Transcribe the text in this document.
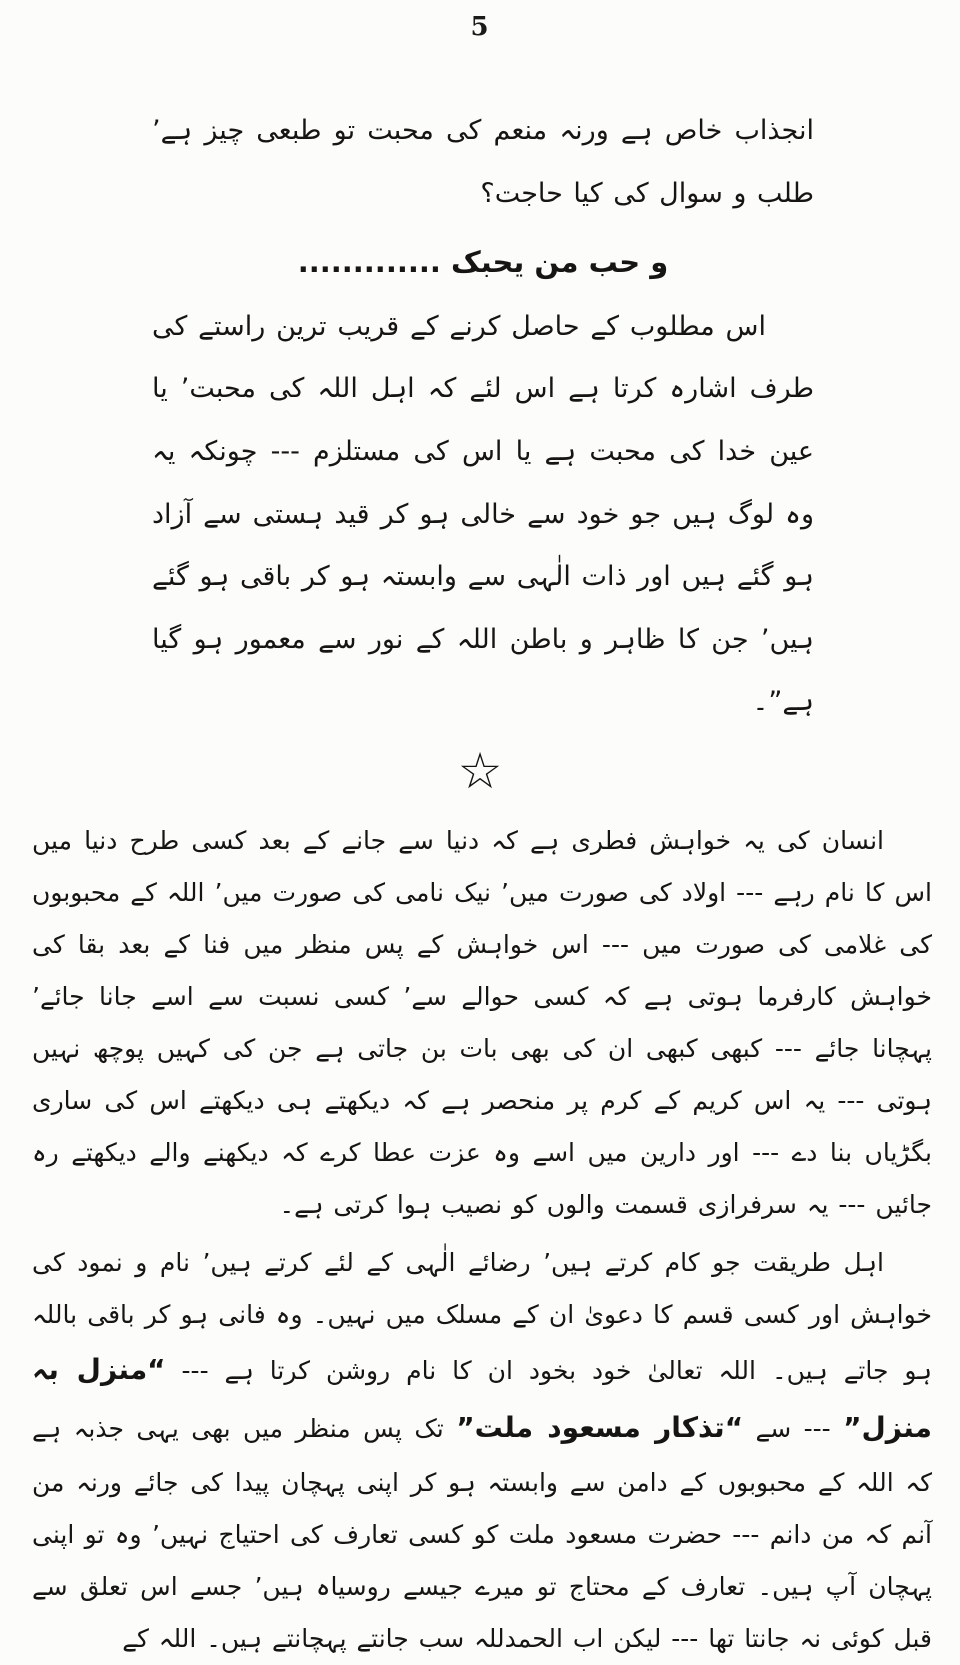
5

انجذاب خاص ہے ورنہ منعم کی محبت تو طبعی چیز ہے’ طلب و سوال کی کیا حاجت؟

و حب من یحبک .............

اس مطلوب کے حاصل کرنے کے قریب ترین راستے کی طرف اشارہ کرتا ہے اس لئے کہ اہل اللہ کی محبت’ یا عین خدا کی محبت ہے یا اس کی مستلزم --- چونکہ یہ وہ لوگ ہیں جو خود سے خالی ہو کر قید ہستی سے آزاد ہو گئے ہیں اور ذات الٰہی سے وابستہ ہو کر باقی ہو گئے ہیں’ جن کا ظاہر و باطن اللہ کے نور سے معمور ہو گیا ہے”۔

☆

انسان کی یہ خواہش فطری ہے کہ دنیا سے جانے کے بعد کسی طرح دنیا میں اس کا نام رہے --- اولاد کی صورت میں’ نیک نامی کی صورت میں’ اللہ کے محبوبوں کی غلامی کی صورت میں --- اس خواہش کے پس منظر میں فنا کے بعد بقا کی خواہش کارفرما ہوتی ہے کہ کسی حوالے سے’ کسی نسبت سے اسے جانا جائے’ پہچانا جائے --- کبھی کبھی ان کی بھی بات بن جاتی ہے جن کی کہیں پوچھ نہیں ہوتی --- یہ اس کریم کے کرم پر منحصر ہے کہ دیکھتے ہی دیکھتے اس کی ساری بگڑیاں بنا دے --- اور دارین میں اسے وہ عزت عطا کرے کہ دیکھنے والے دیکھتے رہ جائیں --- یہ سرفرازی قسمت والوں کو نصیب ہوا کرتی ہے۔

اہل طریقت جو کام کرتے ہیں’ رضائے الٰہی کے لئے کرتے ہیں’ نام و نمود کی خواہش اور کسی قسم کا دعویٰ ان کے مسلک میں نہیں۔ وہ فانی ہو کر باقی باللہ ہو جاتے ہیں۔ اللہ تعالیٰ خود بخود ان کا نام روشن کرتا ہے --- “منزل بہ منزل” --- سے “تذکار مسعود ملت” تک پس منظر میں بھی یہی جذبہ ہے کہ اللہ کے محبوبوں کے دامن سے وابستہ ہو کر اپنی پہچان پیدا کی جائے ورنہ من آنم کہ من دانم --- حضرت مسعود ملت کو کسی تعارف کی احتیاج نہیں’ وہ تو اپنی پہچان آپ ہیں۔ تعارف کے محتاج تو میرے جیسے روسیاہ ہیں’ جسے اس تعلق سے قبل کوئی نہ جانتا تھا --- لیکن اب الحمدللہ سب جانتے پہچانتے ہیں۔ اللہ کے
